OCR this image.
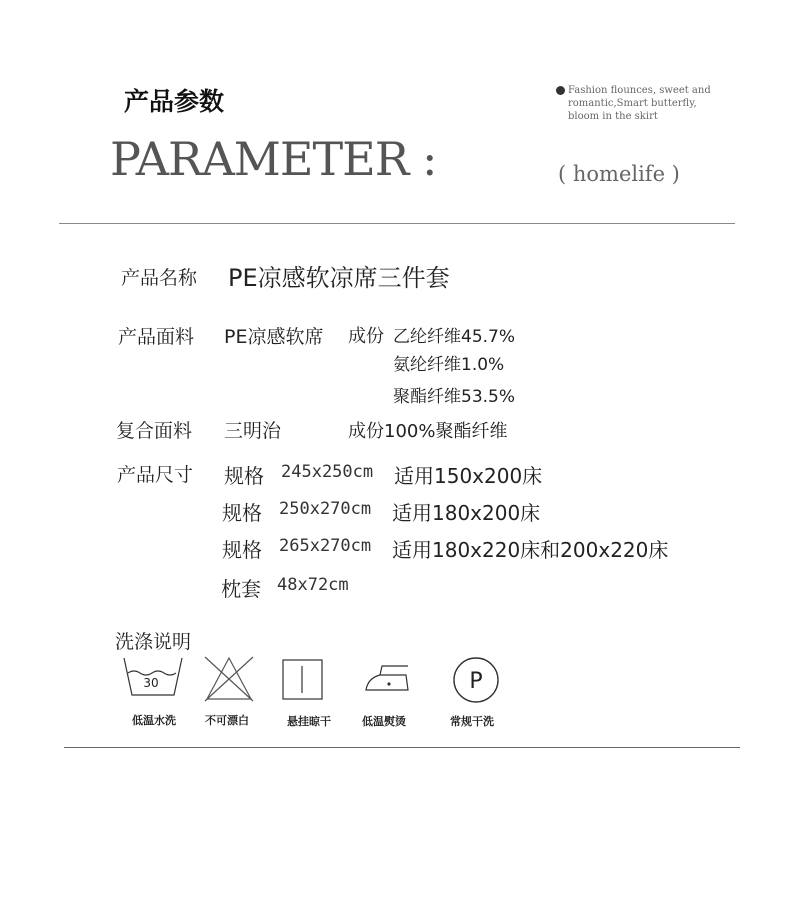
产品参数
PARAMETER :
Fashion flounces, sweet and romantic,Smart butterfly, bloom in the skirt
( homelife )
产品名称 PE凉感软凉席三件套
产品面料 PE凉感软席 成份 乙纶纤维45.7%
氨纶纤维1.0%
聚酯纤维53.5%
复合面料 三明治	成份100%聚酯纤维
产品尺寸 规格 245x250cm 适用150x200床
规格 250x270cm 适用180x200床
规格 265x270cm 适用180x220床和200x220床
枕套 48x72cm
洗涤说明
30	P
低温水洗	不可漂白	悬挂晾干	低温熨烫	常规干洗
